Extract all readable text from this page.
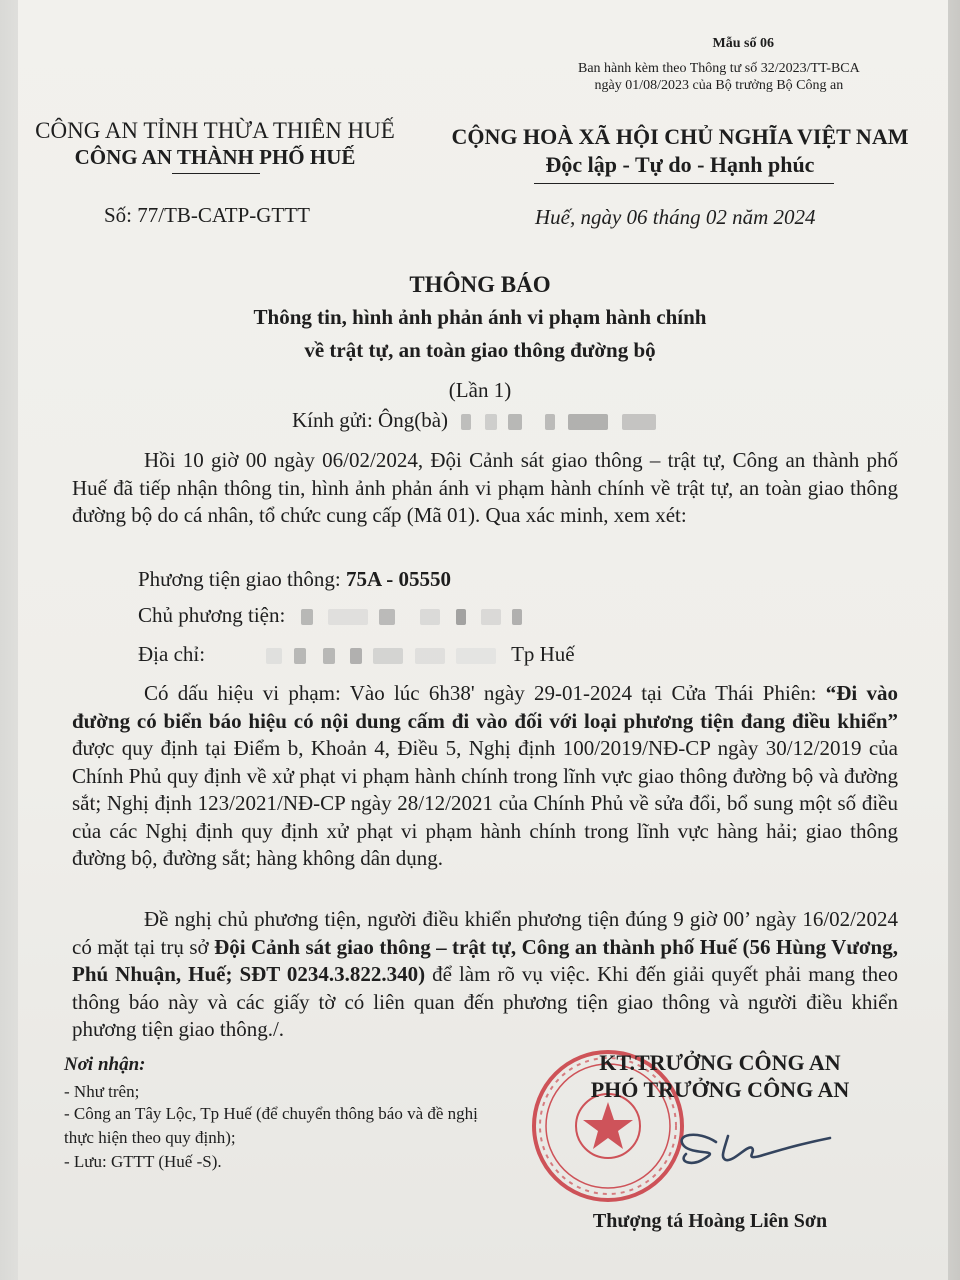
Mẫu số 06
Ban hành kèm theo Thông tư số 32/2023/TT-BCA
ngày 01/08/2023 của Bộ trưởng Bộ Công an
CÔNG AN TỈNH THỪA THIÊN HUẾ
CÔNG AN THÀNH PHỐ HUẾ
CỘNG HOÀ XÃ HỘI CHỦ NGHĨA VIỆT NAM
Độc lập - Tự do - Hạnh phúc
Số: 77/TB-CATP-GTTT	Huế, ngày 06 tháng 02 năm 2024
THÔNG BÁO
Thông tin, hình ảnh phản ánh vi phạm hành chính
về trật tự, an toàn giao thông đường bộ
(Lần 1)
Kính gửi: Ông(bà)

Hồi 10 giờ 00 ngày 06/02/2024, Đội Cảnh sát giao thông – trật tự, Công an thành phố Huế đã tiếp nhận thông tin, hình ảnh phản ánh vi phạm hành chính về trật tự, an toàn giao thông đường bộ do cá nhân, tổ chức cung cấp (Mã 01). Qua xác minh, xem xét:

Phương tiện giao thông: 75A - 05550
Chủ phương tiện:
Địa chỉ:	Tp Huế

Có dấu hiệu vi phạm: Vào lúc 6h38' ngày 29-01-2024 tại Cửa Thái Phiên: “Đi vào đường có biển báo hiệu có nội dung cấm đi vào đối với loại phương tiện đang điều khiển” được quy định tại Điểm b, Khoản 4, Điều 5, Nghị định 100/2019/NĐ-CP ngày 30/12/2019 của Chính Phủ quy định về xử phạt vi phạm hành chính trong lĩnh vực giao thông đường bộ và đường sắt; Nghị định 123/2021/NĐ-CP ngày 28/12/2021 của Chính Phủ về sửa đổi, bổ sung một số điều của các Nghị định quy định xử phạt vi phạm hành chính trong lĩnh vực hàng hải; giao thông đường bộ, đường sắt; hàng không dân dụng.

Đề nghị chủ phương tiện, người điều khiển phương tiện đúng 9 giờ 00’ ngày 16/02/2024 có mặt tại trụ sở Đội Cảnh sát giao thông – trật tự, Công an thành phố Huế (56 Hùng Vương, Phú Nhuận, Huế; SĐT 0234.3.822.340) để làm rõ vụ việc. Khi đến giải quyết phải mang theo thông báo này và các giấy tờ có liên quan đến phương tiện giao thông và người điều khiển phương tiện giao thông./.

Nơi nhận:
- Như trên;
- Công an Tây Lộc, Tp Huế (để chuyển thông báo và đề nghị thực hiện theo quy định);
- Lưu: GTTT (Huế -S).
KT.TRƯỞNG CÔNG AN
PHÓ TRƯỞNG CÔNG AN
Thượng tá Hoàng Liên Sơn
